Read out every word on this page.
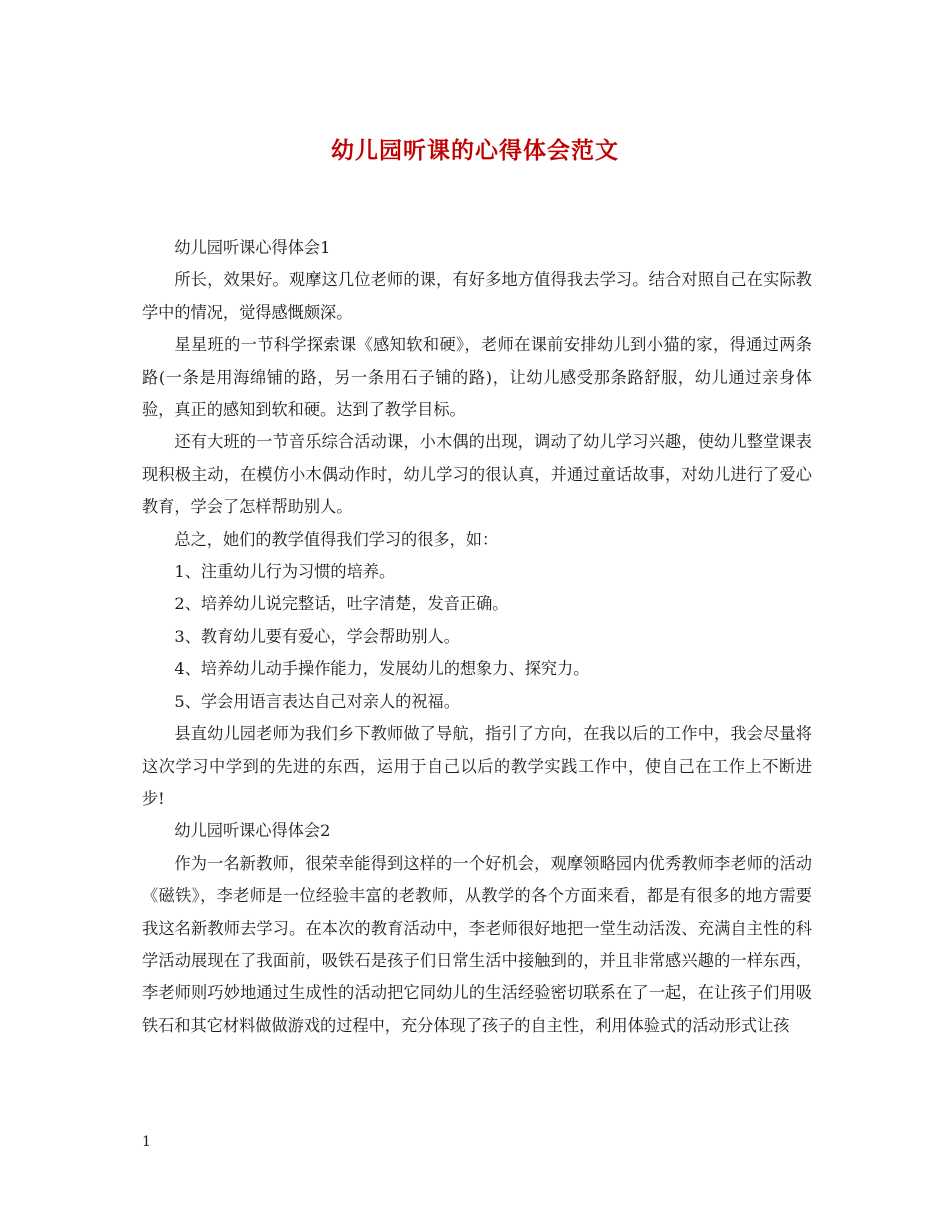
幼儿园听课的心得体会范文

幼儿园听课心得体会1

所长，效果好。观摩这几位老师的课，有好多地方值得我去学习。结合对照自己在实际教学中的情况，觉得感慨颇深。

星星班的一节科学探索课《感知软和硬》，老师在课前安排幼儿到小猫的家，得通过两条路(一条是用海绵铺的路，另一条用石子铺的路)，让幼儿感受那条路舒服，幼儿通过亲身体验，真正的感知到软和硬。达到了教学目标。

还有大班的一节音乐综合活动课，小木偶的出现，调动了幼儿学习兴趣，使幼儿整堂课表现积极主动，在模仿小木偶动作时，幼儿学习的很认真，并通过童话故事，对幼儿进行了爱心教育，学会了怎样帮助别人。

总之，她们的教学值得我们学习的很多，如：

1、注重幼儿行为习惯的培养。

2、培养幼儿说完整话，吐字清楚，发音正确。

3、教育幼儿要有爱心，学会帮助别人。

4、培养幼儿动手操作能力，发展幼儿的想象力、探究力。

5、学会用语言表达自己对亲人的祝福。

县直幼儿园老师为我们乡下教师做了导航，指引了方向，在我以后的工作中，我会尽量将这次学习中学到的先进的东西，运用于自己以后的教学实践工作中，使自己在工作上不断进步!

幼儿园听课心得体会2

作为一名新教师，很荣幸能得到这样的一个好机会，观摩领略园内优秀教师李老师的活动《磁铁》，李老师是一位经验丰富的老教师，从教学的各个方面来看，都是有很多的地方需要我这名新教师去学习。在本次的教育活动中，李老师很好地把一堂生动活泼、充满自主性的科学活动展现在了我面前，吸铁石是孩子们日常生活中接触到的，并且非常感兴趣的一样东西，李老师则巧妙地通过生成性的活动把它同幼儿的生活经验密切联系在了一起，在让孩子们用吸铁石和其它材料做做游戏的过程中，充分体现了孩子的自主性，利用体验式的活动形式让孩

1
